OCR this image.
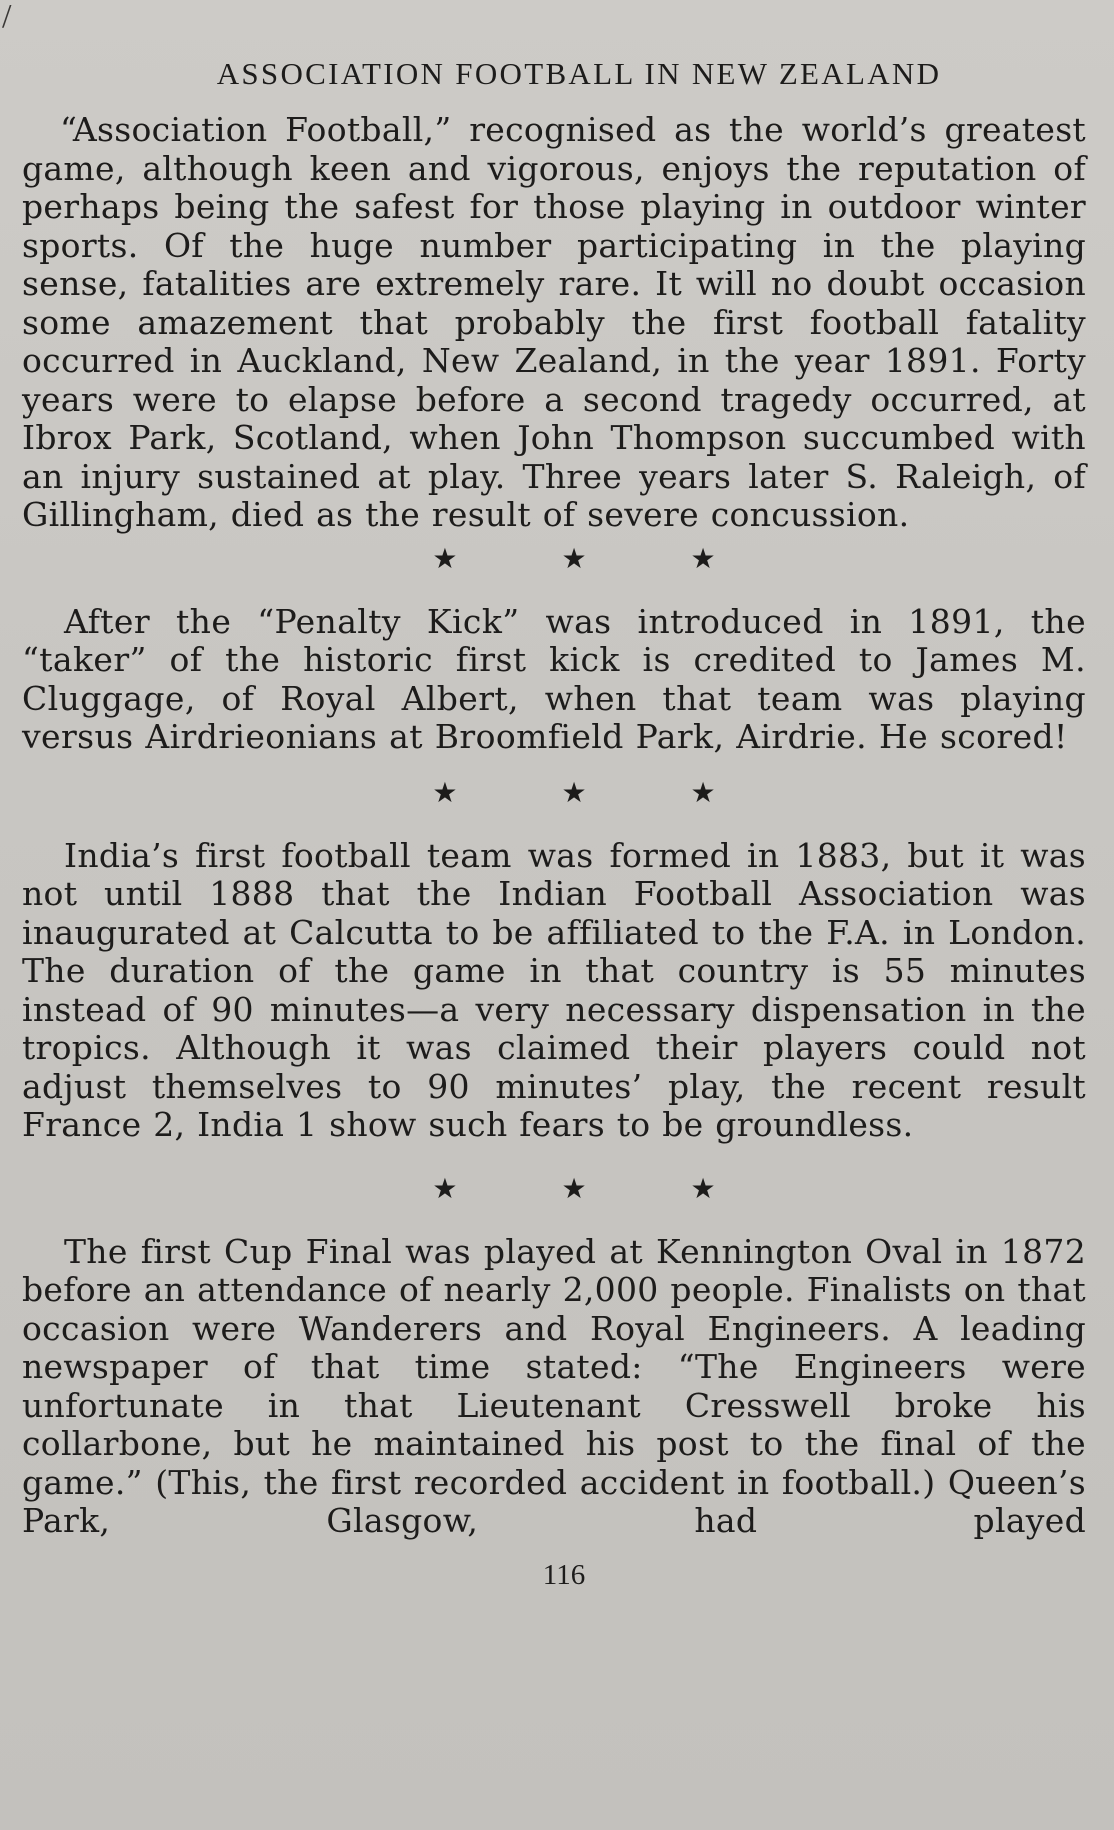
/
ASSOCIATION FOOTBALL IN NEW ZEALAND

“Association Football,” recognised as the world’s greatest game, although keen and vigorous, enjoys the reputation of perhaps being the safest for those playing in outdoor winter sports. Of the huge number participating in the playing sense, fatalities are extremely rare. It will no doubt occasion some amazement that probably the first football fatality occurred in Auckland, New Zealand, in the year 1891. Forty years were to elapse before a second tragedy occurred, at Ibrox Park, Scotland, when John Thompson succumbed with an injury sustained at play. Three years later S. Raleigh, of Gillingham, died as the result of severe concussion.

★	★	★

After the “Penalty Kick” was introduced in 1891, the “taker” of the historic first kick is credited to James M. Cluggage, of Royal Albert, when that team was playing versus Airdrieonians at Broomfield Park, Airdrie. He scored!

★	★	★

India’s first football team was formed in 1883, but it was not until 1888 that the Indian Football Association was inaugurated at Calcutta to be affiliated to the F.A. in London. The duration of the game in that country is 55 minutes instead of 90 minutes—a very necessary dispensation in the tropics. Although it was claimed their players could not adjust themselves to 90 minutes’ play, the recent result France 2, India 1 show such fears to be groundless.

★	★	★

The first Cup Final was played at Kennington Oval in 1872 before an attendance of nearly 2,000 people. Finalists on that occasion were Wanderers and Royal Engineers. A leading newspaper of that time stated: “The Engineers were unfortunate in that Lieutenant Cresswell broke his collarbone, but he maintained his post to the final of the game.” (This, the first recorded accident in football.) Queen’s Park, Glasgow, had played

116
